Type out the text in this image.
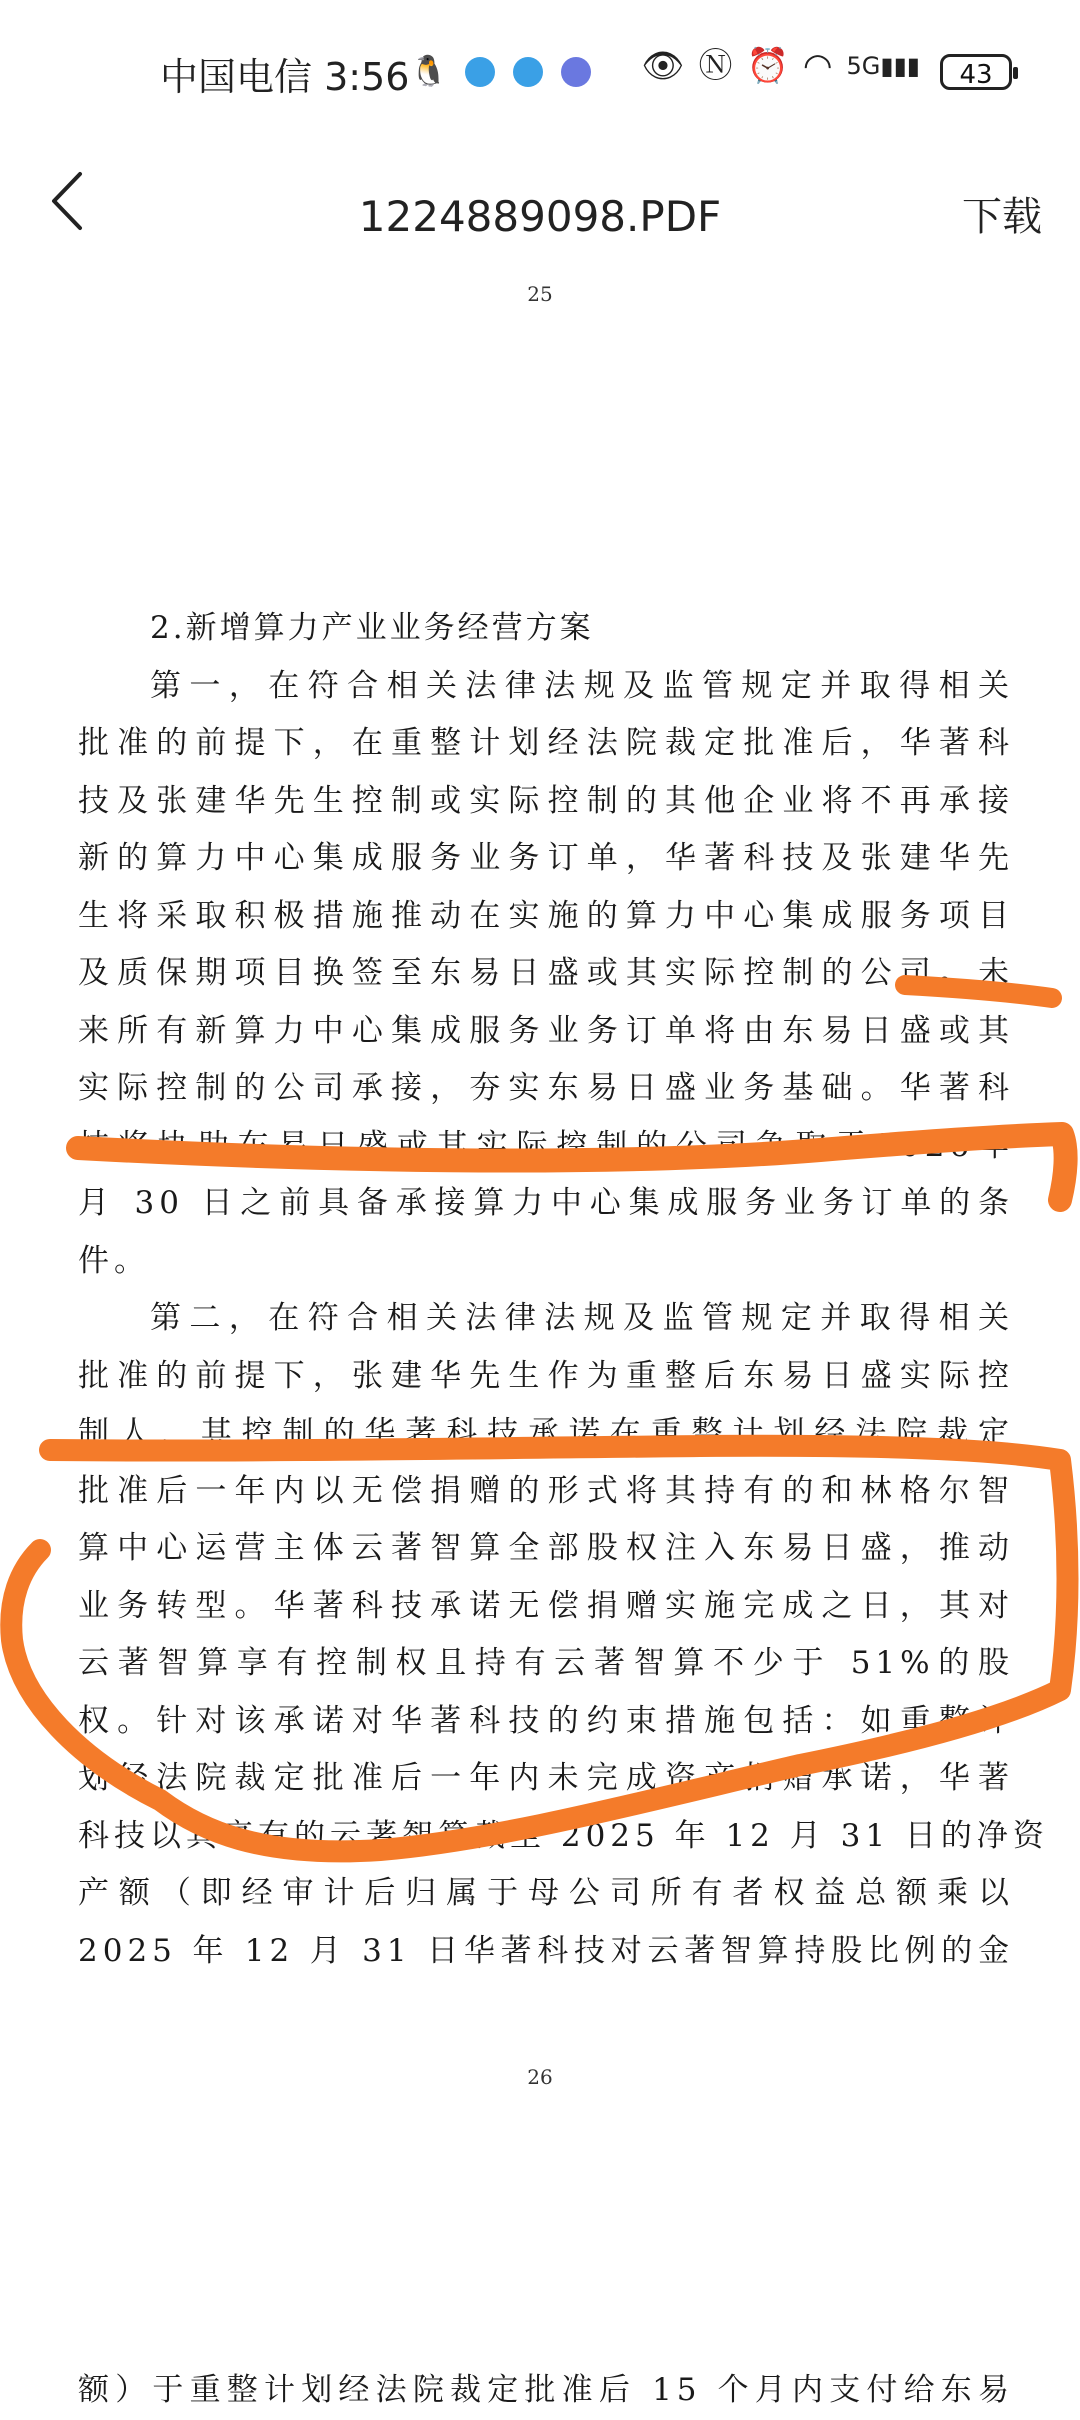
中国电信 3:56 🐧	👁 Ⓝ ⏰ ◠ 5G▮▮▮	43
1224889098.PDF	下载
25
2.新增算力产业业务经营方案
第一，在符合相关法律法规及监管规定并取得相关
批准的前提下，在重整计划经法院裁定批准后，华著科
技及张建华先生控制或实际控制的其他企业将不再承接
新的算力中心集成服务业务订单，华著科技及张建华先
生将采取积极措施推动在实施的算力中心集成服务项目
及质保期项目换签至东易日盛或其实际控制的公司。未
来所有新算力中心集成服务业务订单将由东易日盛或其
实际控制的公司承接，夯实东易日盛业务基础。华著科
技将协助东易日盛或其实际控制的公司争取于2026年
月 30 日之前具备承接算力中心集成服务业务订单的条
件。
第二，在符合相关法律法规及监管规定并取得相关
批准的前提下，张建华先生作为重整后东易日盛实际控
制人，其控制的华著科技承诺在重整计划经法院裁定
批准后一年内以无偿捐赠的形式将其持有的和林格尔智
算中心运营主体云著智算全部股权注入东易日盛，推动
业务转型。华著科技承诺无偿捐赠实施完成之日，其对
云著智算享有控制权且持有云著智算不少于 51%的股
权。针对该承诺对华著科技的约束措施包括：如重整计
划经法院裁定批准后一年内未完成资产捐赠承诺，华著
科技以其享有的云著智算截至 2025 年 12 月 31 日的净资
产额（即经审计后归属于母公司所有者权益总额乘以
2025 年 12 月 31 日华著科技对云著智算持股比例的金
26
额）于重整计划经法院裁定批准后 15 个月内支付给东易
